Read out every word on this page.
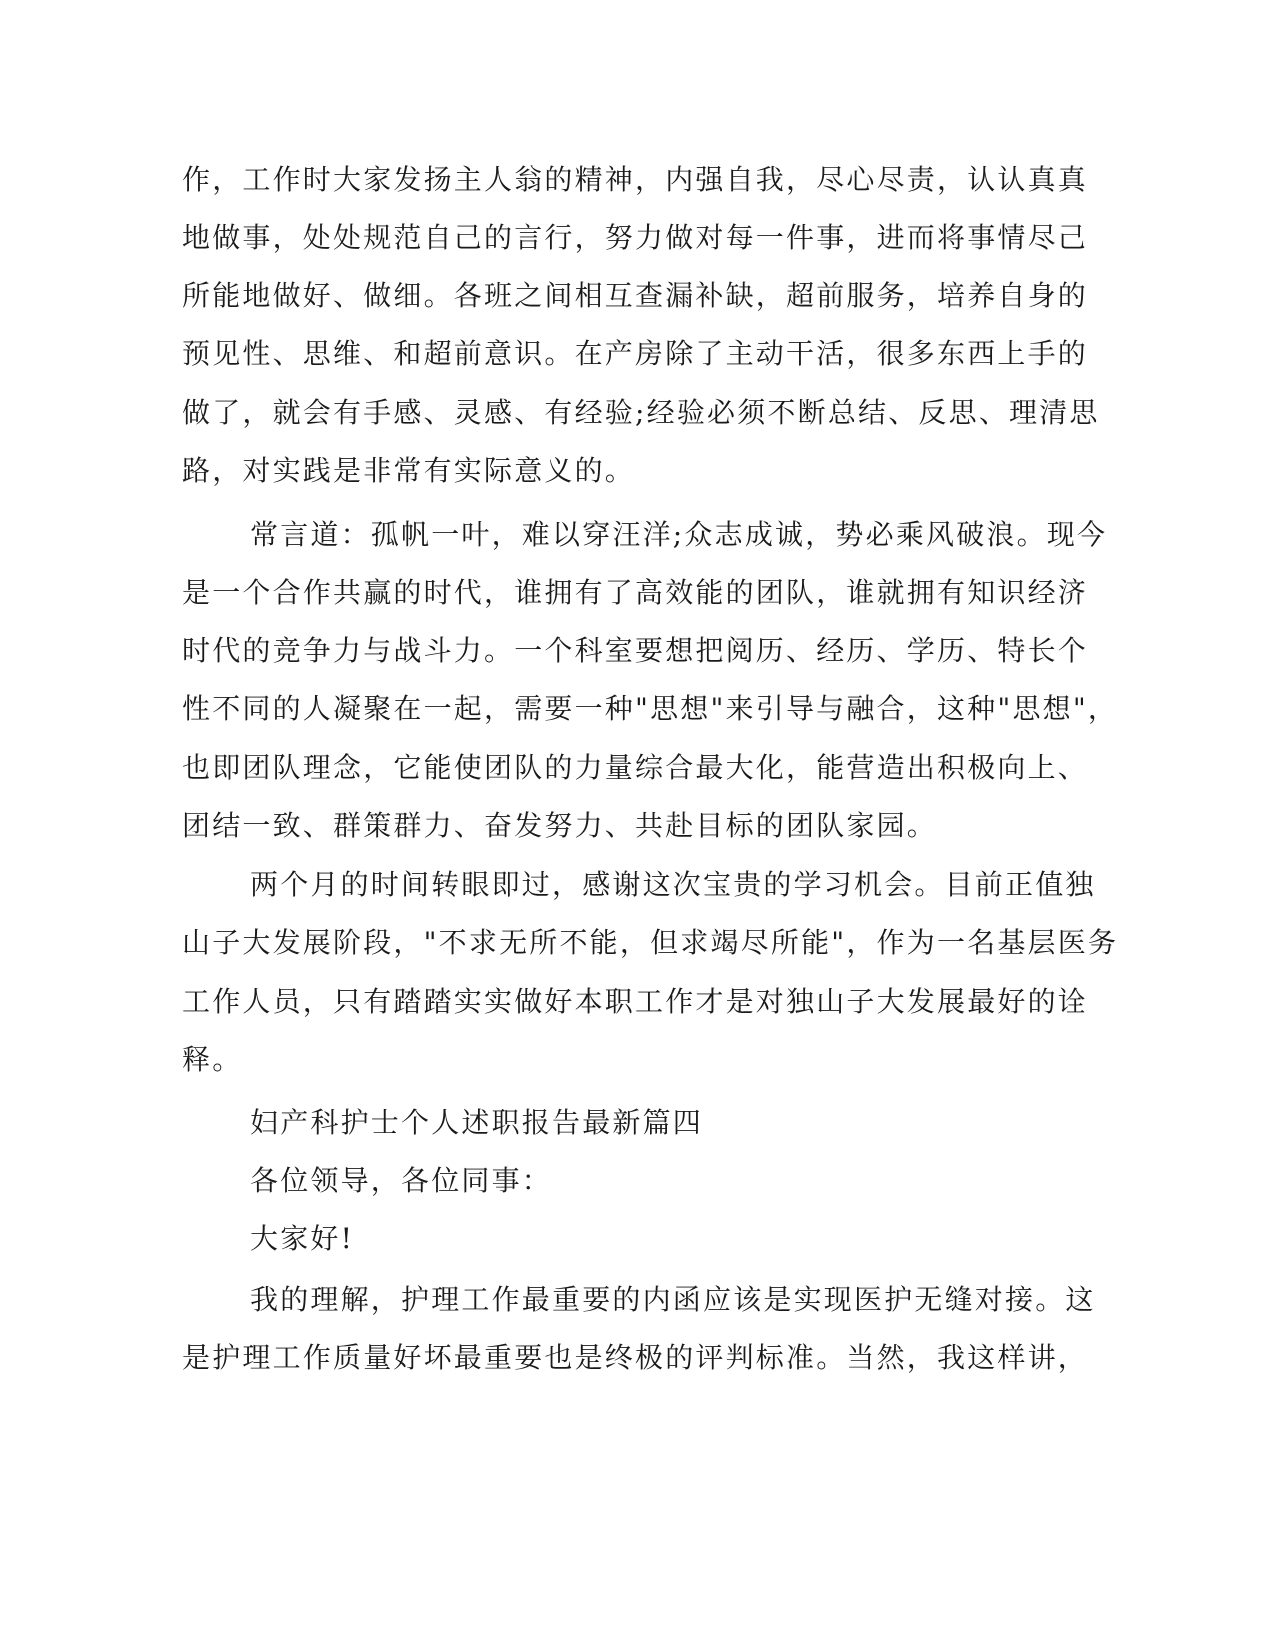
作，工作时大家发扬主人翁的精神，内强自我，尽心尽责，认认真真

地做事，处处规范自己的言行，努力做对每一件事，进而将事情尽己

所能地做好、做细。各班之间相互查漏补缺，超前服务，培养自身的

预见性、思维、和超前意识。在产房除了主动干活，很多东西上手的

做了，就会有手感、灵感、有经验;经验必须不断总结、反思、理清思

路，对实践是非常有实际意义的。

常言道：孤帆一叶，难以穿汪洋;众志成诚，势必乘风破浪。现今

是一个合作共赢的时代，谁拥有了高效能的团队，谁就拥有知识经济

时代的竞争力与战斗力。一个科室要想把阅历、经历、学历、特长个

性不同的人凝聚在一起，需要一种"思想"来引导与融合，这种"思想"，

也即团队理念，它能使团队的力量综合最大化，能营造出积极向上、

团结一致、群策群力、奋发努力、共赴目标的团队家园。

两个月的时间转眼即过，感谢这次宝贵的学习机会。目前正值独

山子大发展阶段，"不求无所不能，但求竭尽所能"，作为一名基层医务

工作人员，只有踏踏实实做好本职工作才是对独山子大发展最好的诠

释。

妇产科护士个人述职报告最新篇四

各位领导，各位同事：

大家好!

我的理解，护理工作最重要的内函应该是实现医护无缝对接。这

是护理工作质量好坏最重要也是终极的评判标准。当然，我这样讲，
